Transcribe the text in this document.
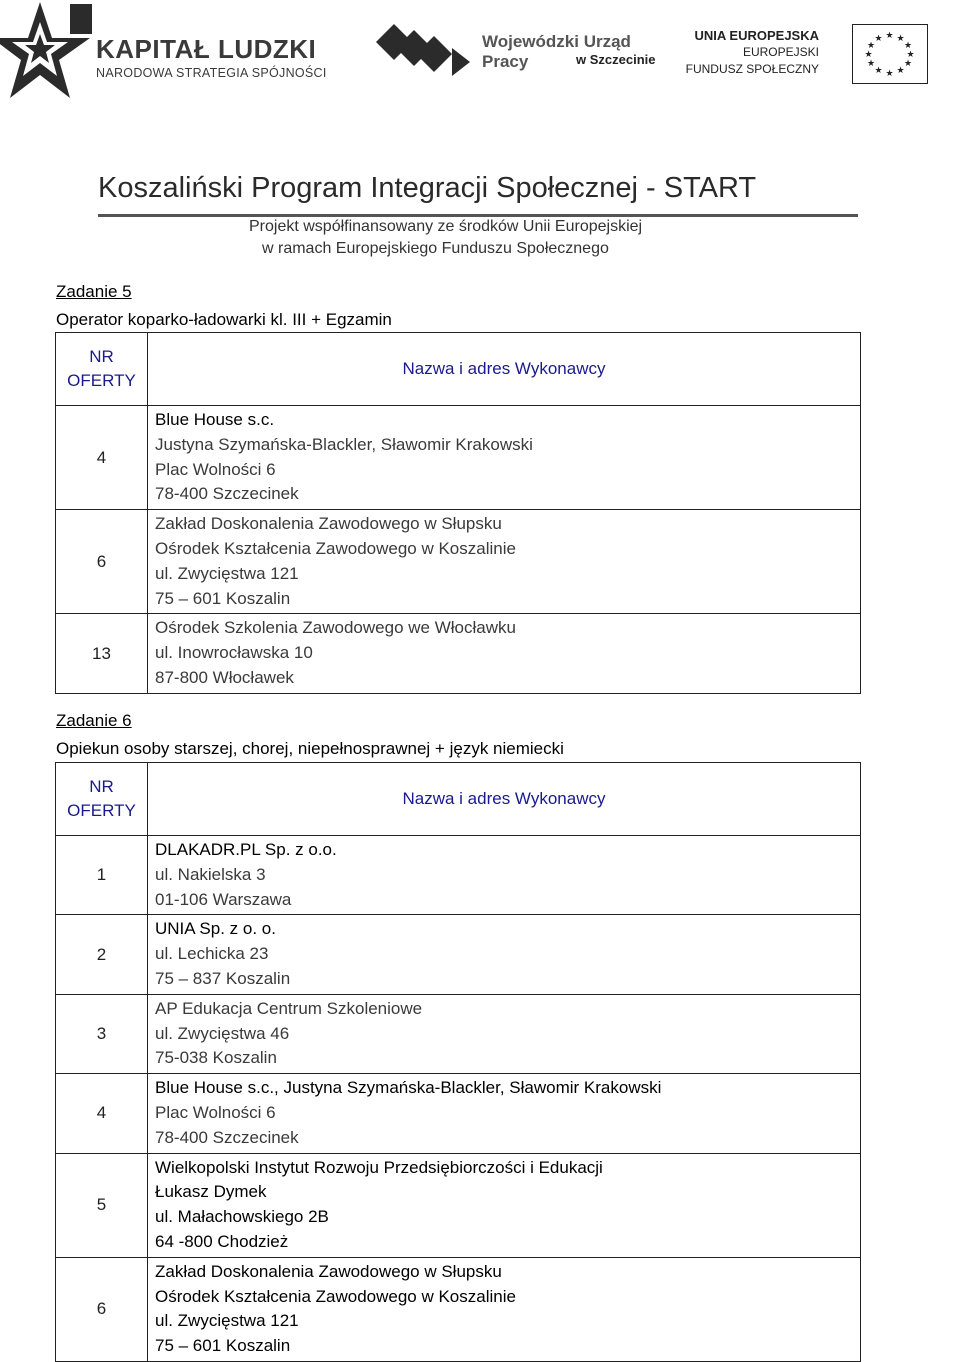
KAPITAŁ LUDZKI
NARODOWA STRATEGIA SPÓJNOŚCI
Wojewódzki Urząd Pracy	w Szczecinie
UNIA EUROPEJSKA
EUROPEJSKI
FUNDUSZ SPOŁECZNY
★ ★
★
★
★
★
★
★
★
★
★
★
Koszaliński Program Integracji Społecznej - START
Projekt współfinansowany ze środków Unii Europejskiej
w ramach Europejskiego Funduszu Społecznego
Zadanie 5
Operator koparko-ładowarki kl. III + Egzamin
NR
OFERTY	Nazwa i adres Wykonawcy
4	Blue House s.c.
Justyna Szymańska-Blackler, Sławomir Krakowski
Plac Wolności 6
78-400 Szczecinek

6	Zakład Doskonalenia Zawodowego w Słupsku
Ośrodek Kształcenia Zawodowego w Koszalinie
ul. Zwycięstwa 121
75 – 601 Koszalin

13	Ośrodek Szkolenia Zawodowego we Włocławku
ul. Inowrocławska 10
87-800 Włocławek
Zadanie 6
Opiekun osoby starszej, chorej, niepełnosprawnej + język niemiecki
NR
OFERTY	Nazwa i adres Wykonawcy
1	DLAKADR.PL Sp. z o.o.
ul. Nakielska 3
01-106 Warszawa

2	UNIA Sp. z o. o.
ul. Lechicka 23
75 – 837 Koszalin

3	AP Edukacja Centrum Szkoleniowe
ul. Zwycięstwa 46
75-038 Koszalin

4	Blue House s.c., Justyna Szymańska-Blackler, Sławomir Krakowski
Plac Wolności 6
78-400 Szczecinek

5	Wielkopolski Instytut Rozwoju Przedsiębiorczości i Edukacji
Łukasz Dymek
ul. Małachowskiego 2B
64 -800 Chodzież

6	Zakład Doskonalenia Zawodowego w Słupsku
Ośrodek Kształcenia Zawodowego w Koszalinie
ul. Zwycięstwa 121
75 – 601 Koszalin
